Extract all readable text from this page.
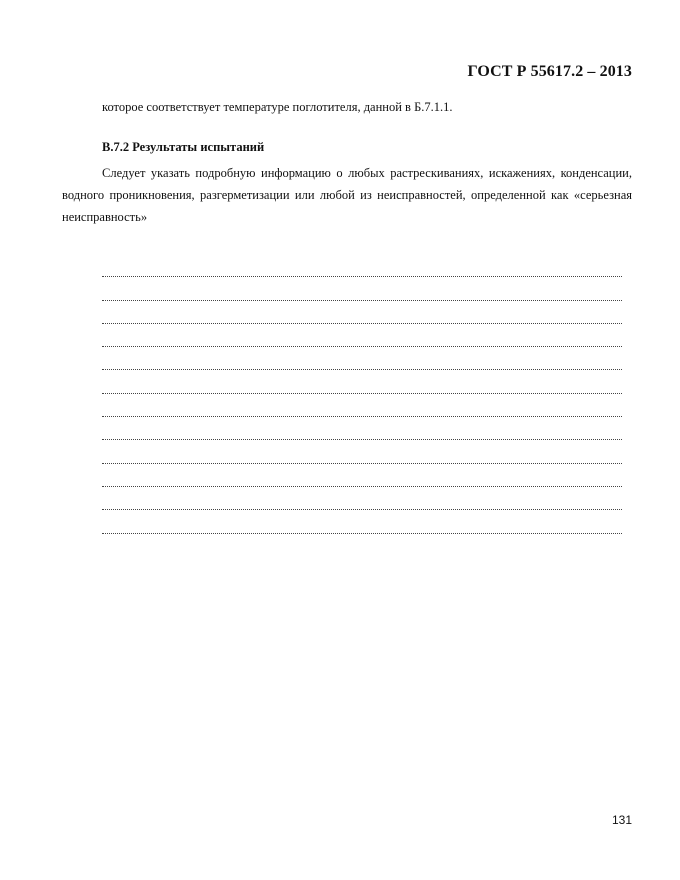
ГОСТ Р 55617.2 – 2013

которое соответствует температуре поглотителя, данной в Б.7.1.1.

В.7.2 Результаты испытаний

Следует указать подробную информацию о любых растрескиваниях, искажениях, конденсации, водного проникновения, разгерметизации или любой из неисправностей, определенной как «серьезная неисправность»

131
